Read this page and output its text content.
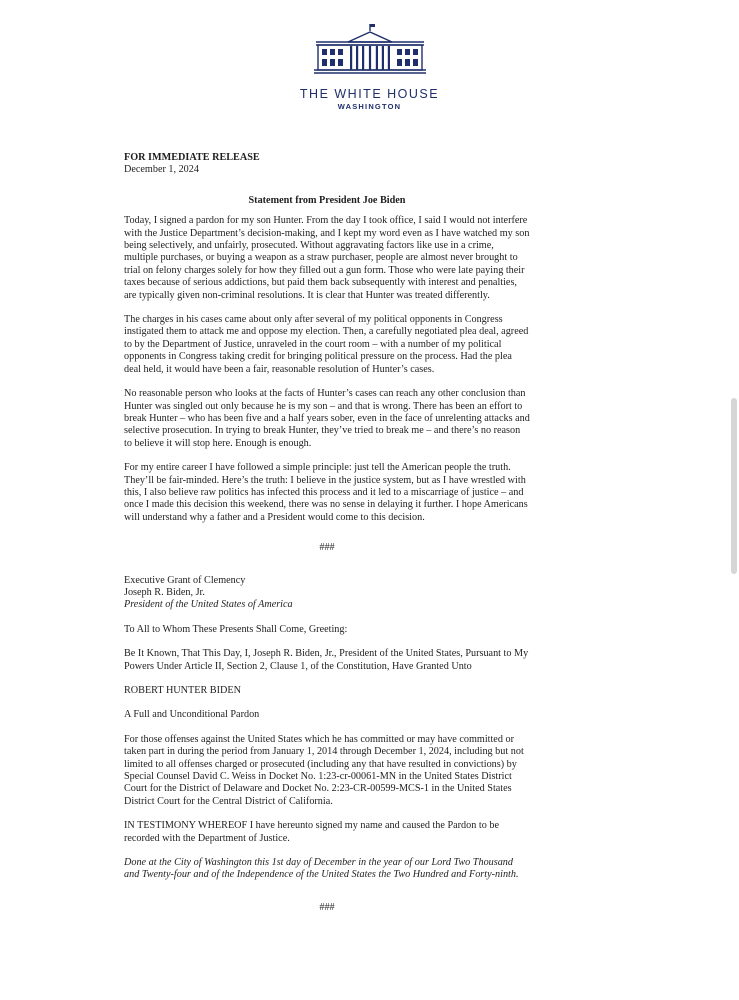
THE WHITE HOUSE
WASHINGTON
FOR IMMEDIATE RELEASE
December 1, 2024
Statement from President Joe Biden

Today, I signed a pardon for my son Hunter. From the day I took office, I said I would not interfere with the Justice Department’s decision-making, and I kept my word even as I have watched my son being selectively, and unfairly, prosecuted. Without aggravating factors like use in a crime, multiple purchases, or buying a weapon as a straw purchaser, people are almost never brought to trial on felony charges solely for how they filled out a gun form. Those who were late paying their taxes because of serious addictions, but paid them back subsequently with interest and penalties, are typically given non-criminal resolutions. It is clear that Hunter was treated differently.

The charges in his cases came about only after several of my political opponents in Congress instigated them to attack me and oppose my election. Then, a carefully negotiated plea deal, agreed to by the Department of Justice, unraveled in the court room – with a number of my political opponents in Congress taking credit for bringing political pressure on the process. Had the plea deal held, it would have been a fair, reasonable resolution of Hunter’s cases.

No reasonable person who looks at the facts of Hunter’s cases can reach any other conclusion than Hunter was singled out only because he is my son – and that is wrong. There has been an effort to break Hunter – who has been five and a half years sober, even in the face of unrelenting attacks and selective prosecution. In trying to break Hunter, they’ve tried to break me – and there’s no reason to believe it will stop here. Enough is enough.

For my entire career I have followed a simple principle: just tell the American people the truth. They’ll be fair-minded. Here’s the truth: I believe in the justice system, but as I have wrestled with this, I also believe raw politics has infected this process and it led to a miscarriage of justice – and once I made this decision this weekend, there was no sense in delaying it further. I hope Americans will understand why a father and a President would come to this decision.

###

Executive Grant of Clemency
Joseph R. Biden, Jr.
President of the United States of America

To All to Whom These Presents Shall Come, Greeting:

Be It Known, That This Day, I, Joseph R. Biden, Jr., President of the United States, Pursuant to My Powers Under Article II, Section 2, Clause 1, of the Constitution, Have Granted Unto

ROBERT HUNTER BIDEN

A Full and Unconditional Pardon

For those offenses against the United States which he has committed or may have committed or taken part in during the period from January 1, 2014 through December 1, 2024, including but not limited to all offenses charged or prosecuted (including any that have resulted in convictions) by Special Counsel David C. Weiss in Docket No. 1:23-cr-00061-MN in the United States District Court for the District of Delaware and Docket No. 2:23-CR-00599-MCS-1 in the United States District Court for the Central District of California.

IN TESTIMONY WHEREOF I have hereunto signed my name and caused the Pardon to be recorded with the Department of Justice.

Done at the City of Washington this 1st day of December in the year of our Lord Two Thousand and Twenty-four and of the Independence of the United States the Two Hundred and Forty-ninth.

###
